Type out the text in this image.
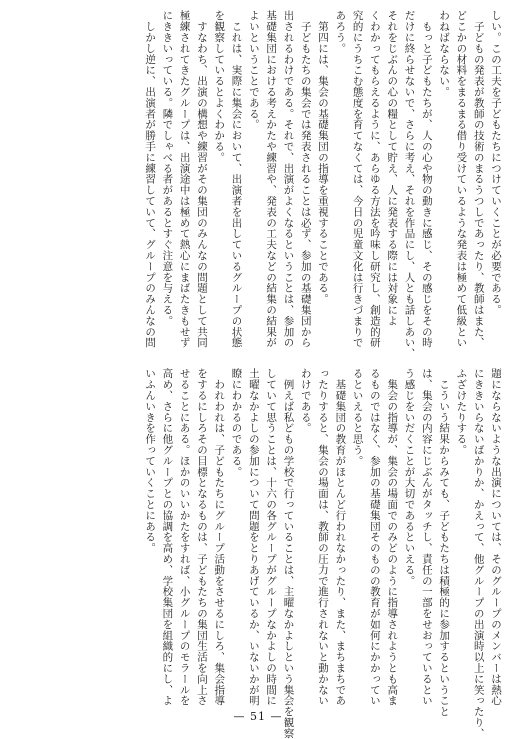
しい。この工夫を子どもたちにつけていくことが必要である。
　子どもの発表が教師の技術のまるうつしであったり、教師はまた、
どこかの材料をまるまる借り受けているような発表は極めて低級とい
わねばならない。
　もっと子どもたちが、人の心や物の動きに感じ、その感じをその時
だけに終らせないで、さらに考え、それを作品にし、人とも話しあい、
それをじぶんの心の糧として貯え、人に発表する際には対象によ
くわかってもらえるように、あらゆる方法を吟味し研究し、創造的研
究的にうちこむ態度を育てなくては、今日の児童文化は行きづまりで
あろう。
　第四には、集会の基礎集団の指導を重視することである。
　子どもたちの集会では発表されることは必ず、参加の基礎集団から
出されるわけである。それで、出演がよくなるということは、参加の
基礎集団における考えかたや練習や、発表の工夫などの結集の結果が
よいということである。
　これは、実際に集会において、出演者を出しているグループの状態
を観察しているとよくわかる。
　すなわち、出演の構想や練習がその集団のみんなの問題として共同
極練されてきたグループは、出演途中は極めて熱心にまばたきもせず
にききいっている。隣でしゃべる者があるとすぐ注意を与える。
　しかし逆に、出演者が勝手に練習していて、グループのみんなの問
題にならないような出演については、そのグループのメンバーは熱心
にききいらないばかりか、かえって、他グループの出演時以上に笑ったり、
ふざけたりする。
　こういう結果からみても、子どもたちは積極的に参加するということ
は、集会の内容にじぶんがタッチし、責任の一部をせおっているとい
う感じをいだくことが大切であるといえる。
　集会の指導が、集会の場面でのみどのように指導されようとも高ま
るものではなく、参加の基礎集団そのものの教育が如何にかかってい
るといえると思う。
　基礎集団の教育がほとんど行われなかったり、また、まちまちであ
ったりすると、集会の場面は、教師の圧力で進行されないと動かない
わけである。
　例えば私どもの学校で行っていることは、主曜なかよしという集会を観察
していて思うことは、十六の各グループがグループなかよしの時間に
土曜なかよしの参加について問題をとりあげているか、いないかが明
瞭にわかるのである。
　われわれは、子どもたちにグループ活動をさせるにしろ、集会指導
をするにしろその目標となるものは、子どもたちの集団生活を向上さ
せることにある。ほかのいいかたをすれば、小グループのモラールを
高め、さらに他グループとの協調を高め、学校集団を組織的にし、よ
いふんいきを作っていくことにある。
— 51 —
